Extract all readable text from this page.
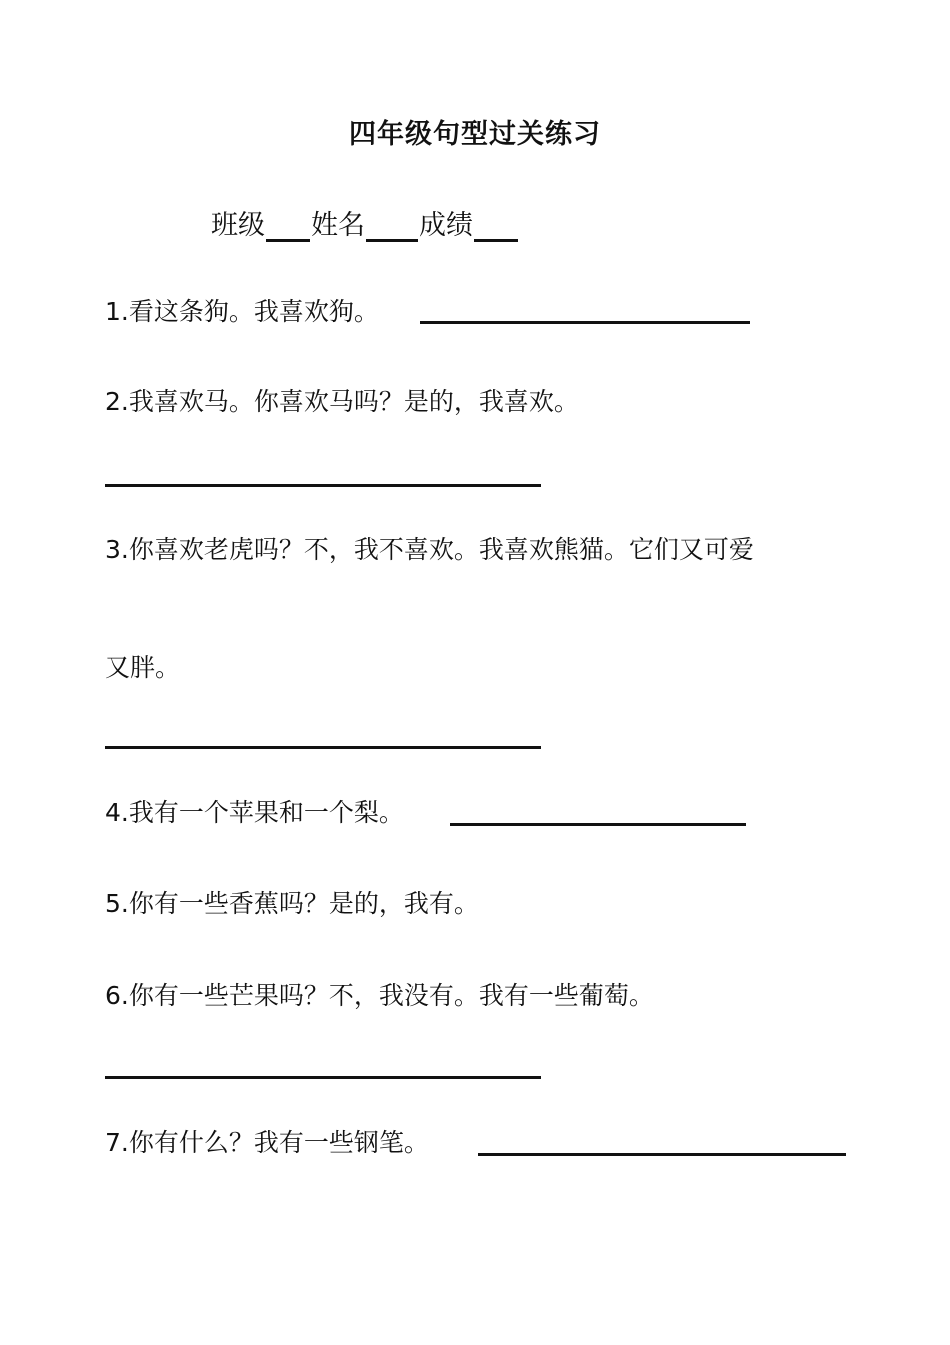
四年级句型过关练习
班级 姓名 成绩
1.看这条狗。我喜欢狗。
2.我喜欢马。你喜欢马吗？是的，我喜欢。
3.你喜欢老虎吗？不，我不喜欢。我喜欢熊猫。它们又可爱
又胖。
4.我有一个苹果和一个梨。
5.你有一些香蕉吗？是的，我有。
6.你有一些芒果吗？不，我没有。我有一些葡萄。
7.你有什么？我有一些钢笔。
